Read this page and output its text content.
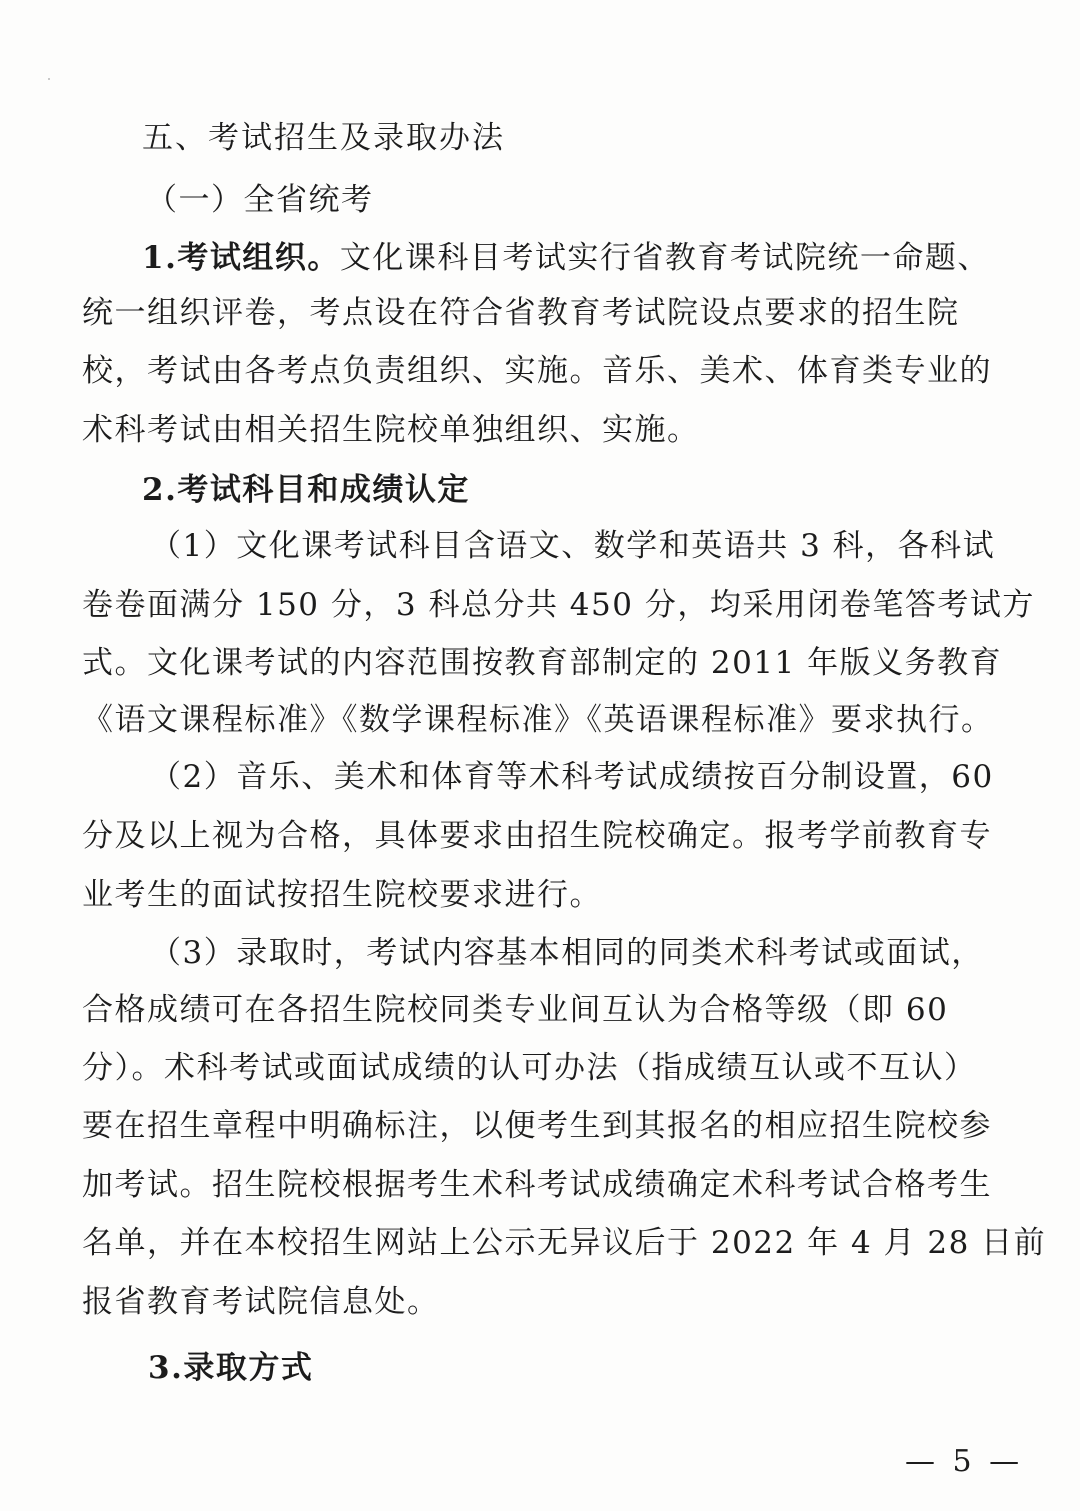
五、考试招生及录取办法
（一）全省统考
1.考试组织。文化课科目考试实行省教育考试院统一命题、
统一组织评卷，考点设在符合省教育考试院设点要求的招生院
校，考试由各考点负责组织、实施。音乐、美术、体育类专业的
术科考试由相关招生院校单独组织、实施。
2.考试科目和成绩认定
（1）文化课考试科目含语文、数学和英语共 3 科，各科试
卷卷面满分 150 分，3 科总分共 450 分，均采用闭卷笔答考试方
式。文化课考试的内容范围按教育部制定的 2011 年版义务教育
《语文课程标准》《数学课程标准》《英语课程标准》要求执行。
（2）音乐、美术和体育等术科考试成绩按百分制设置，60
分及以上视为合格，具体要求由招生院校确定。报考学前教育专
业考生的面试按招生院校要求进行。
（3）录取时，考试内容基本相同的同类术科考试或面试，
合格成绩可在各招生院校同类专业间互认为合格等级（即 60
分）。术科考试或面试成绩的认可办法（指成绩互认或不互认）
要在招生章程中明确标注，以便考生到其报名的相应招生院校参
加考试。招生院校根据考生术科考试成绩确定术科考试合格考生
名单，并在本校招生网站上公示无异议后于 2022 年 4 月 28 日前
报省教育考试院信息处。
3.录取方式
— 5 —
